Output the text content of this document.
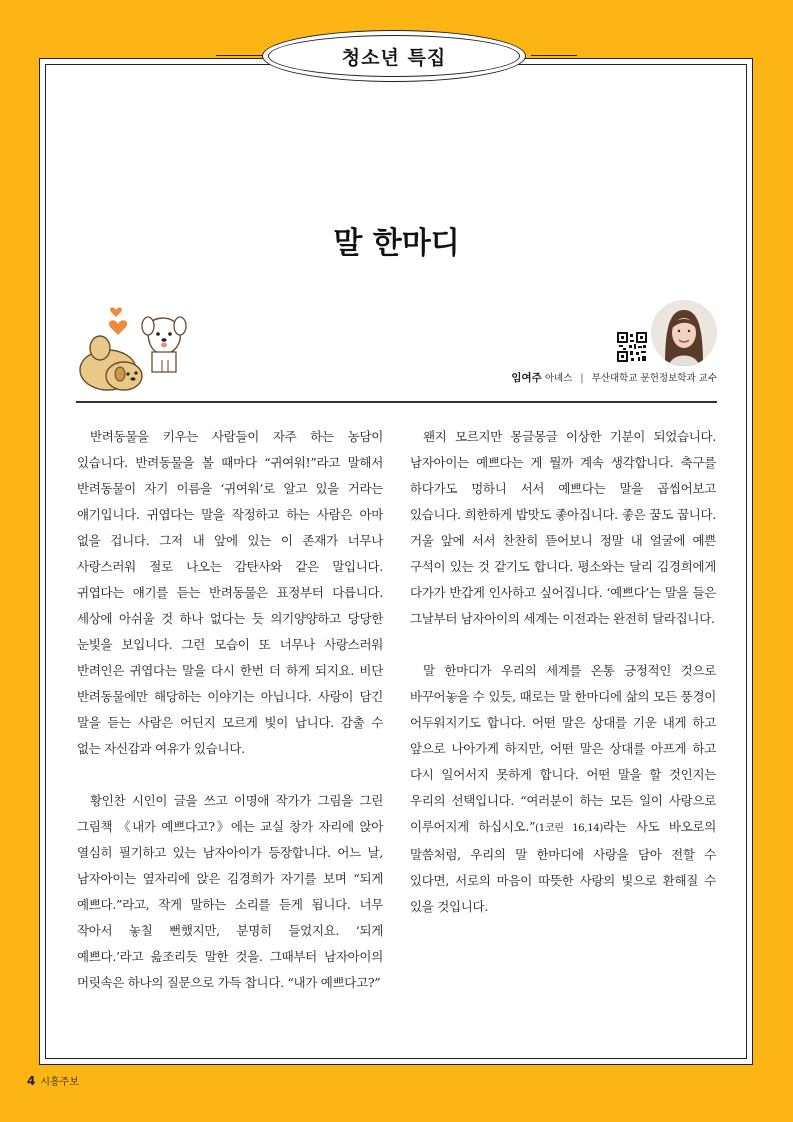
청소년 특집
말 한마디
임여주 아녜스 | 부산대학교 문헌정보학과 교수

반려동물을 키우는 사람들이 자주 하는 농담이 있습니다. 반려동물을 볼 때마다 “귀여워!”라고 말해서 반려동물이 자기 이름을 ‘귀여워’로 알고 있을 거라는 얘기입니다. 귀엽다는 말을 작정하고 하는 사람은 아마 없을 겁니다. 그저 내 앞에 있는 이 존재가 너무나 사랑스러워 절로 나오는 감탄사와 같은 말입니다. 귀엽다는 얘기를 듣는 반려동물은 표정부터 다릅니다. 세상에 아쉬울 것 하나 없다는 듯 의기양양하고 당당한 눈빛을 보입니다. 그런 모습이 또 너무나 사랑스러워 반려인은 귀엽다는 말을 다시 한번 더 하게 되지요. 비단 반려동물에만 해당하는 이야기는 아닙니다. 사랑이 담긴 말을 듣는 사람은 어딘지 모르게 빛이 납니다. 감출 수 없는 자신감과 여유가 있습니다.

황인찬 시인이 글을 쓰고 이명애 작가가 그림을 그린 그림책 《내가 예쁘다고?》에는 교실 창가 자리에 앉아 열심히 필기하고 있는 남자아이가 등장합니다. 어느 날, 남자아이는 옆자리에 앉은 김경희가 자기를 보며 “되게 예쁘다.”라고, 작게 말하는 소리를 듣게 됩니다. 너무 작아서 놓칠 뻔했지만, 분명히 들었지요. ‘되게 예쁘다.’라고 읊조리듯 말한 것을. 그때부터 남자아이의 머릿속은 하나의 질문으로 가득 찹니다. “내가 예쁘다고?”

왠지 모르지만 몽글몽글 이상한 기분이 되었습니다. 남자아이는 예쁘다는 게 뭘까 계속 생각합니다. 축구를 하다가도 멍하니 서서 예쁘다는 말을 곱씹어보고 있습니다. 희한하게 밥맛도 좋아집니다. 좋은 꿈도 꿉니다. 거울 앞에 서서 찬찬히 뜯어보니 정말 내 얼굴에 예쁜 구석이 있는 것 같기도 합니다. 평소와는 달리 김경희에게 다가가 반갑게 인사하고 싶어집니다. ‘예쁘다’는 말을 들은 그날부터 남자아이의 세계는 이전과는 완전히 달라집니다.

말 한마디가 우리의 세계를 온통 긍정적인 것으로 바꾸어놓을 수 있듯, 때로는 말 한마디에 삶의 모든 풍경이 어두워지기도 합니다. 어떤 말은 상대를 기운 내게 하고 앞으로 나아가게 하지만, 어떤 말은 상대를 아프게 하고 다시 일어서지 못하게 합니다. 어떤 말을 할 것인지는 우리의 선택입니다. “여러분이 하는 모든 일이 사랑으로 이루어지게 하십시오.”(1코린 16,14)라는 사도 바오로의 말씀처럼, 우리의 말 한마디에 사랑을 담아 전할 수 있다면, 서로의 마음이 따뜻한 사랑의 빛으로 환해질 수 있을 것입니다.

4 시흥주보
